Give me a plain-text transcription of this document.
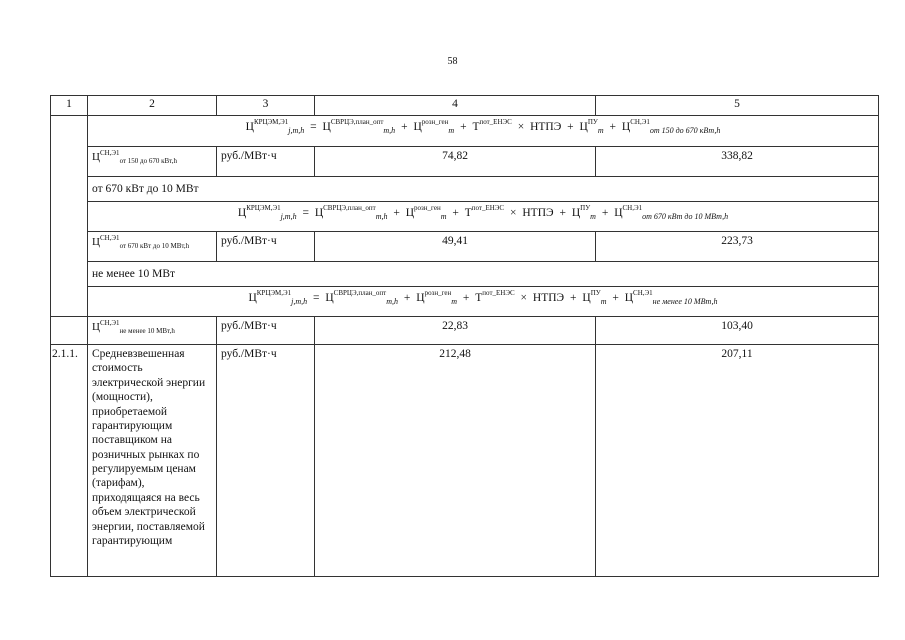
58
1	2	3	4	5
	$Ц^{КРЦЭМ,Э1}_{j,m,h} = Ц^{СВРЦЭ,план\_опт}_{m,h} + Ц^{розн\_ген}_m + Т^{пот\_ЕНЭС}$ × НТПЭ + $Ц^{ПУ}_m + Ц^{СН,Э1}_{от 150 до 670 кВт,h}$
	$Ц^{СН,Э1}_{от 150 до 670 кВт,h}$	руб./МВт·ч	74,82	338,82
	от 670 кВт до 10 МВт			
	$Ц^{КРЦЭМ,Э1}_{j,m,h} = Ц^{СВРЦЭ,план\_опт}_{m,h} + Ц^{розн\_ген}_m + Т^{пот\_ЕНЭС}$ × НТПЭ + $Ц^{ПУ}_m + Ц^{СН,Э1}_{от 670 кВт до 10 МВт,h}$
	$Ц^{СН,Э1}_{от 670 кВт до 10 МВт,h}$	руб./МВт·ч	49,41	223,73
	не менее 10 МВт			
	$Ц^{КРЦЭМ,Э1}_{j,m,h} = Ц^{СВРЦЭ,план\_опт}_{m,h} + Ц^{розн\_ген}_m + Т^{пот\_ЕНЭС}$ × НТПЭ + $Ц^{ПУ}_m + Ц^{СН,Э1}_{не менее 10 МВт,h}$
	$Ц^{СН,Э1}_{не менее 10 МВт,h}$	руб./МВт·ч	22,83	103,40
2.1.1.	Средневзвешенная стоимость электрической энергии (мощности), приобретаемой гарантирующим поставщиком на розничных рынках по регулируемым ценам (тарифам), приходящаяся на весь объем электрической энергии, поставляемой гарантирующим	руб./МВт·ч	212,48	207,11
